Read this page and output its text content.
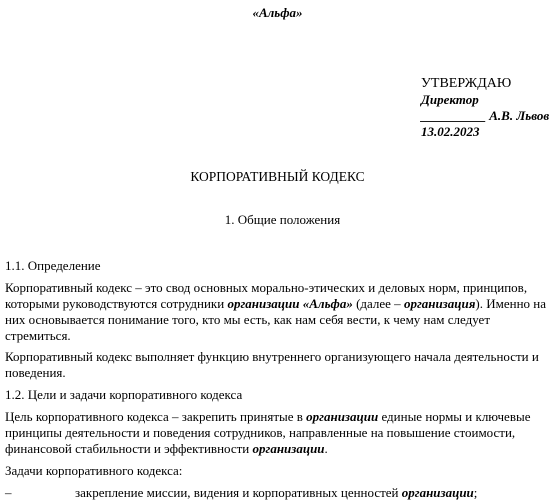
«Альфа»
УТВЕРЖДАЮ
Директор
__________ А.В. Львов
13.02.2023
КОРПОРАТИВНЫЙ КОДЕКС
1. Общие положения

1.1. Определение

Корпоративный кодекс – это свод основных морально-этических и деловых норм, принципов, которыми руководствуются сотрудники организации «Альфа» (далее – организация). Именно на них основывается понимание того, кто мы есть, как нам себя вести, к чему нам следует стремиться.

Корпоративный кодекс выполняет функцию внутреннего организующего начала деятельности и поведения.

1.2. Цели и задачи корпоративного кодекса

Цель корпоративного кодекса – закрепить принятые в организации единые нормы и ключевые принципы деятельности и поведения сотрудников, направленные на повышение стоимости, финансовой стабильности и эффективности организации.

Задачи корпоративного кодекса:

–	закрепление миссии, видения и корпоративных ценностей организации;
